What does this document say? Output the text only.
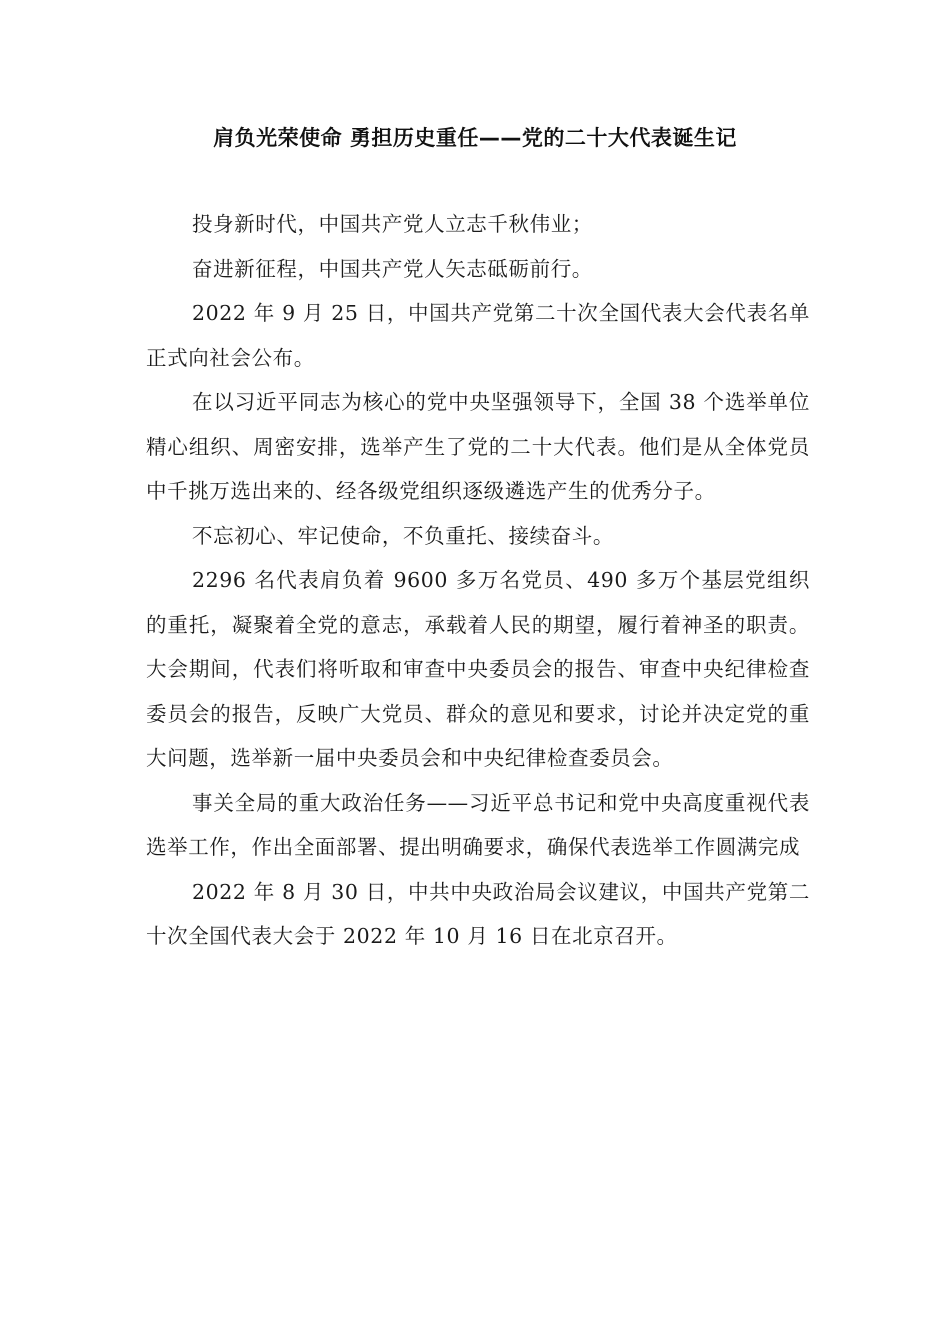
肩负光荣使命 勇担历史重任——党的二十大代表诞生记

投身新时代，中国共产党人立志千秋伟业；

奋进新征程，中国共产党人矢志砥砺前行。

2022 年 9 月 25 日，中国共产党第二十次全国代表大会代表名单正式向社会公布。

在以习近平同志为核心的党中央坚强领导下，全国 38 个选举单位精心组织、周密安排，选举产生了党的二十大代表。他们是从全体党员中千挑万选出来的、经各级党组织逐级遴选产生的优秀分子。

不忘初心、牢记使命，不负重托、接续奋斗。

2296 名代表肩负着 9600 多万名党员、490 多万个基层党组织的重托，凝聚着全党的意志，承载着人民的期望，履行着神圣的职责。大会期间，代表们将听取和审查中央委员会的报告、审查中央纪律检查委员会的报告，反映广大党员、群众的意见和要求，讨论并决定党的重大问题，选举新一届中央委员会和中央纪律检查委员会。

事关全局的重大政治任务——习近平总书记和党中央高度重视代表选举工作，作出全面部署、提出明确要求，确保代表选举工作圆满完成

2022 年 8 月 30 日，中共中央政治局会议建议，中国共产党第二十次全国代表大会于 2022 年 10 月 16 日在北京召开。
